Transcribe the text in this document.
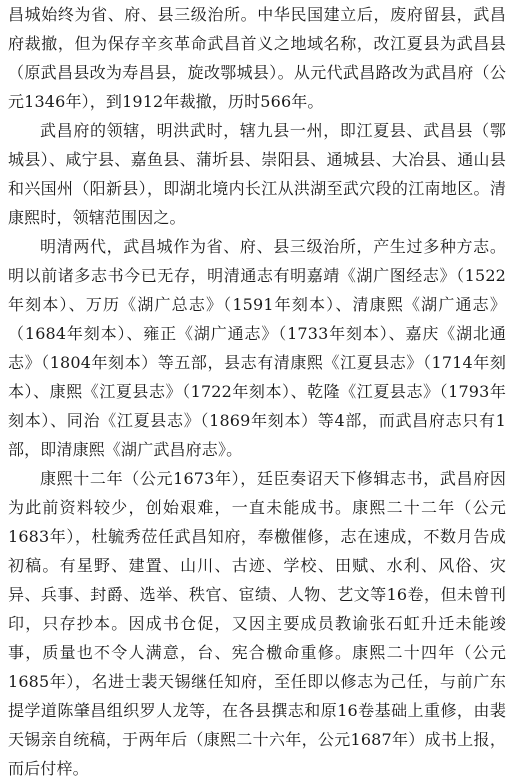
昌城始终为省、府、县三级治所。中华民国建立后，废府留县，武昌府裁撤，但为保存辛亥革命武昌首义之地域名称，改江夏县为武昌县（原武昌县改为寿昌县，旋改鄂城县）。从元代武昌路改为武昌府（公元1346年），到1912年裁撤，历时566年。

武昌府的领辖，明洪武时，辖九县一州，即江夏县、武昌县（鄂城县）、咸宁县、嘉鱼县、蒲圻县、崇阳县、通城县、大冶县、通山县和兴国州（阳新县），即湖北境内长江从洪湖至武穴段的江南地区。清康熙时，领辖范围因之。

明清两代，武昌城作为省、府、县三级治所，产生过多种方志。明以前诸多志书今已无存，明清通志有明嘉靖《湖广图经志》（1522年刻本）、万历《湖广总志》（1591年刻本）、清康熙《湖广通志》（1684年刻本）、雍正《湖广通志》（1733年刻本）、嘉庆《湖北通志》（1804年刻本）等五部，县志有清康熙《江夏县志》（1714年刻本）、康熙《江夏县志》（1722年刻本）、乾隆《江夏县志》（1793年刻本）、同治《江夏县志》（1869年刻本）等4部，而武昌府志只有1部，即清康熙《湖广武昌府志》。

康熙十二年（公元1673年），廷臣奏诏天下修辑志书，武昌府因为此前资料较少，创始艰难，一直未能成书。康熙二十二年（公元1683年），杜毓秀莅任武昌知府，奉檄催修，志在速成，不数月告成初稿。有星野、建置、山川、古迹、学校、田赋、水利、风俗、灾异、兵事、封爵、选举、秩官、宦绩、人物、艺文等16卷，但未曾刊印，只存抄本。因成书仓促，又因主要成员教谕张石虹升迁未能竣事，质量也不令人满意，台、宪合檄命重修。康熙二十四年（公元1685年），名进士裴天锡继任知府，至任即以修志为己任，与前广东提学道陈肇昌组织罗人龙等，在各县撰志和原16卷基础上重修，由裴天锡亲自统稿，于两年后（康熙二十六年，公元1687年）成书上报，而后付梓。
